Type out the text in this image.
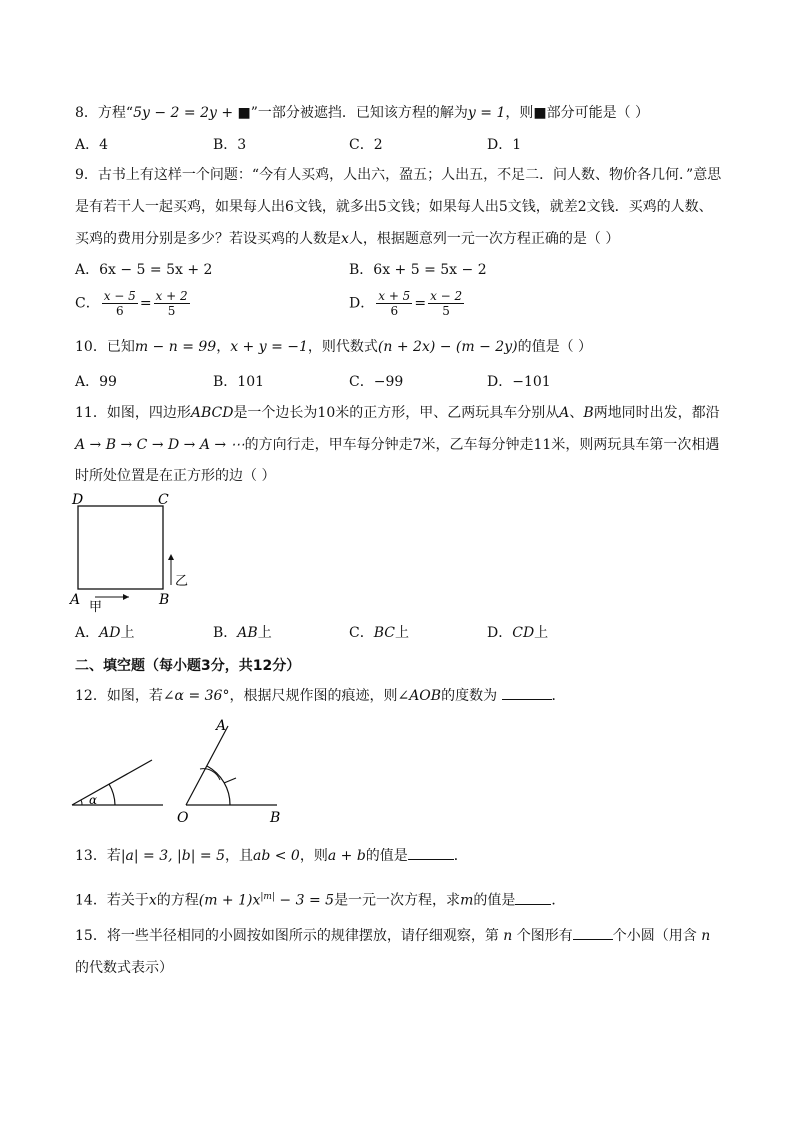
8．方程“5y − 2 = 2y + ■”一部分被遮挡．已知该方程的解为y = 1，则■部分可能是（ ）
A．4	B．3	C．2	D．1
9．古书上有这样一个问题：“今有人买鸡，人出六，盈五；人出五，不足二．问人数、物价各几何．”意思
是有若干人一起买鸡，如果每人出6文钱，就多出5文钱；如果每人出5文钱，就差2文钱．买鸡的人数、
买鸡的费用分别是多少？若设买鸡的人数是x人，根据题意列一元一次方程正确的是（ ）
A．6x − 5 = 5x + 2	B．6x + 5 = 5x − 2
C． $\frac{x - 5}{6} = \frac{x + 2}{5}$	D． $\frac{x + 5}{6} = \frac{x - 2}{5}$
10．已知m − n = 99，x + y = −1，则代数式(n + 2x) − (m − 2y)的值是（ ）
A．99	B．101	C．−99	D．−101
11．如图，四边形ABCD是一个边长为10米的正方形，甲、乙两玩具车分别从A、B两地同时出发，都沿
A → B → C → D → A → ⋯的方向行走，甲车每分钟走7米，乙车每分钟走11米，则两玩具车第一次相遇
时所处位置是在正方形的边（ ）
D	C
A	B
甲
乙
A．AD上	B．AB上	C．BC上	D．CD上
二、填空题（每小题3分，共12分）
12．如图，若∠α = 36°，根据尺规作图的痕迹，则∠AOB的度数为	．
α
A
O	B
13．若|a| = 3, |b| = 5，且ab < 0，则a + b的值是	．
14．若关于x的方程$(m + 1)x^{|m|} - 3 = 5$是一元一次方程，求m的值是	．
15．将一些半径相同的小圆按如图所示的规律摆放，请仔细观察，第 n 个图形有	个小圆（用含 n
的代数式表示）
